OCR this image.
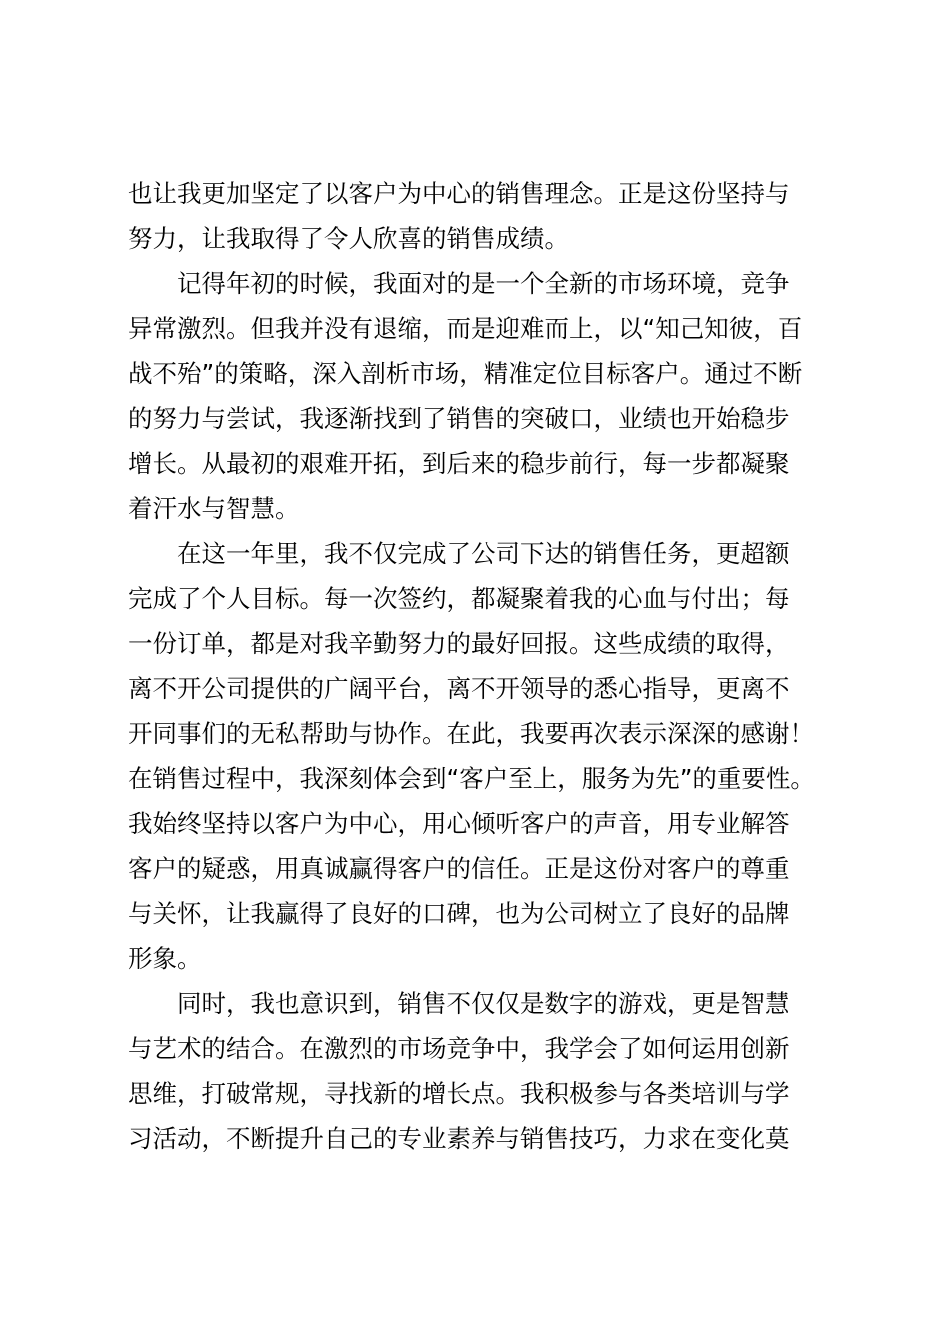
也让我更加坚定了以客户为中心的销售理念。正是这份坚持与
努力，让我取得了令人欣喜的销售成绩。
　　记得年初的时候，我面对的是一个全新的市场环境，竞争
异常激烈。但我并没有退缩，而是迎难而上，以“知己知彼，百
战不殆”的策略，深入剖析市场，精准定位目标客户。通过不断
的努力与尝试，我逐渐找到了销售的突破口，业绩也开始稳步
增长。从最初的艰难开拓，到后来的稳步前行，每一步都凝聚
着汗水与智慧。
　　在这一年里，我不仅完成了公司下达的销售任务，更超额
完成了个人目标。每一次签约，都凝聚着我的心血与付出；每
一份订单，都是对我辛勤努力的最好回报。这些成绩的取得，
离不开公司提供的广阔平台，离不开领导的悉心指导，更离不
开同事们的无私帮助与协作。在此，我要再次表示深深的感谢！
在销售过程中，我深刻体会到“客户至上，服务为先”的重要性。
我始终坚持以客户为中心，用心倾听客户的声音，用专业解答
客户的疑惑，用真诚赢得客户的信任。正是这份对客户的尊重
与关怀，让我赢得了良好的口碑，也为公司树立了良好的品牌
形象。
　　同时，我也意识到，销售不仅仅是数字的游戏，更是智慧
与艺术的结合。在激烈的市场竞争中，我学会了如何运用创新
思维，打破常规，寻找新的增长点。我积极参与各类培训与学
习活动，不断提升自己的专业素养与销售技巧，力求在变化莫
